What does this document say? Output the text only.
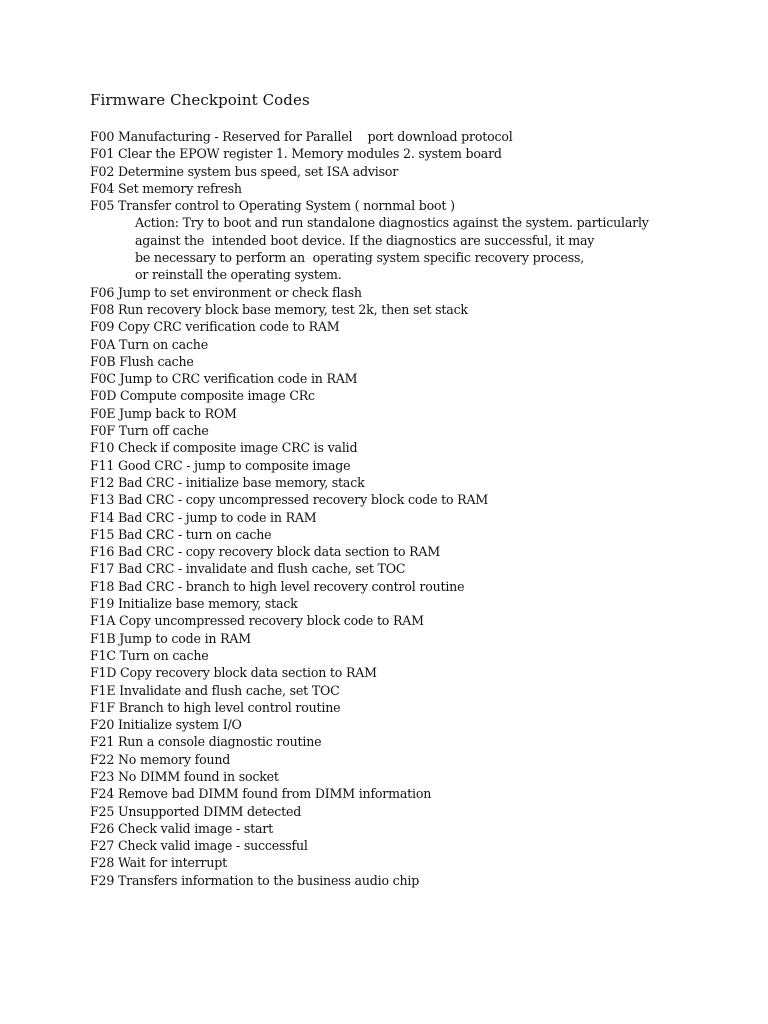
Firmware Checkpoint Codes
F00 Manufacturing - Reserved for Parallel    port download protocol
F01 Clear the EPOW register 1. Memory modules 2. system board
F02 Determine system bus speed, set ISA advisor
F04 Set memory refresh
F05 Transfer control to Operating System ( nornmal boot )
Action: Try to boot and run standalone diagnostics against the system. particularly
against the  intended boot device. If the diagnostics are successful, it may
be necessary to perform an  operating system specific recovery process,
or reinstall the operating system.
F06 Jump to set environment or check flash
F08 Run recovery block base memory, test 2k, then set stack
F09 Copy CRC verification code to RAM
F0A Turn on cache
F0B Flush cache
F0C Jump to CRC verification code in RAM
F0D Compute composite image CRc
F0E Jump back to ROM
F0F Turn off cache
F10 Check if composite image CRC is valid
F11 Good CRC - jump to composite image
F12 Bad CRC - initialize base memory, stack
F13 Bad CRC - copy uncompressed recovery block code to RAM
F14 Bad CRC - jump to code in RAM
F15 Bad CRC - turn on cache
F16 Bad CRC - copy recovery block data section to RAM
F17 Bad CRC - invalidate and flush cache, set TOC
F18 Bad CRC - branch to high level recovery control routine
F19 Initialize base memory, stack
F1A Copy uncompressed recovery block code to RAM
F1B Jump to code in RAM
F1C Turn on cache
F1D Copy recovery block data section to RAM
F1E Invalidate and flush cache, set TOC
F1F Branch to high level control routine
F20 Initialize system I/O
F21 Run a console diagnostic routine
F22 No memory found
F23 No DIMM found in socket
F24 Remove bad DIMM found from DIMM information
F25 Unsupported DIMM detected
F26 Check valid image - start
F27 Check valid image - successful
F28 Wait for interrupt
F29 Transfers information to the business audio chip
